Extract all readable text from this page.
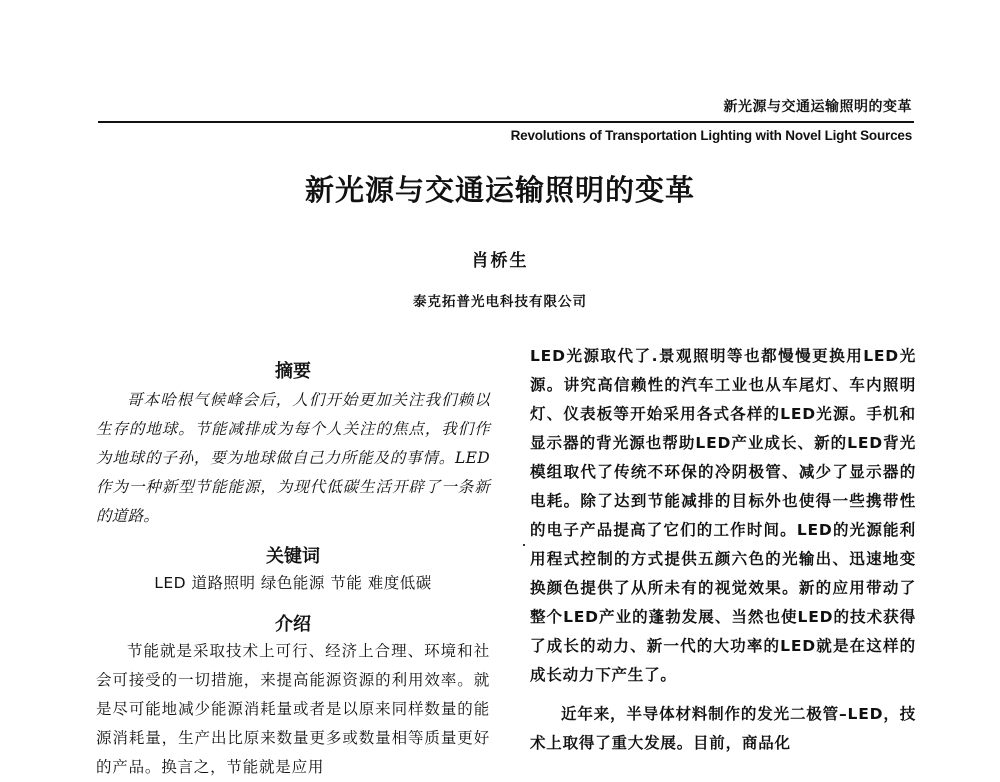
新光源与交通运输照明的变革
Revolutions of Transportation Lighting with Novel Light Sources
新光源与交通运输照明的变革
肖桥生
泰克拓普光电科技有限公司
摘要

哥本哈根气候峰会后，人们开始更加关注我们赖以生存的地球。节能减排成为每个人关注的焦点，我们作为地球的子孙，要为地球做自己力所能及的事情。LED 作为一种新型节能能源，为现代低碳生活开辟了一条新的道路。

关键词
LED 道路照明 绿色能源 节能 难度低碳
介绍

节能就是采取技术上可行、经济上合理、环境和社会可接受的一切措施，来提高能源资源的利用效率。就是尽可能地减少能源消耗量或者是以原来同样数量的能源消耗量，生产出比原来数量更多或数量相等质量更好的产品。换言之，节能就是应用

LED光源取代了.景观照明等也都慢慢更换用LED光源。讲究高信赖性的汽车工业也从车尾灯、车内照明灯、仪表板等开始采用各式各样的LED光源。手机和显示器的背光源也帮助LED产业成长、新的LED背光模组取代了传统不环保的冷阴极管、减少了显示器的电耗。除了达到节能减排的目标外也使得一些携带性的电子产品提高了它们的工作时间。LED的光源能利用程式控制的方式提供五颜六色的光输出、迅速地变换颜色提供了从所未有的视觉效果。新的应用带动了整个LED产业的蓬勃发展、当然也使LED的技术获得了成长的动力、新一代的大功率的LED就是在这样的成长动力下产生了。

近年来，半导体材料制作的发光二极管–LED，技术上取得了重大发展。目前，商品化
